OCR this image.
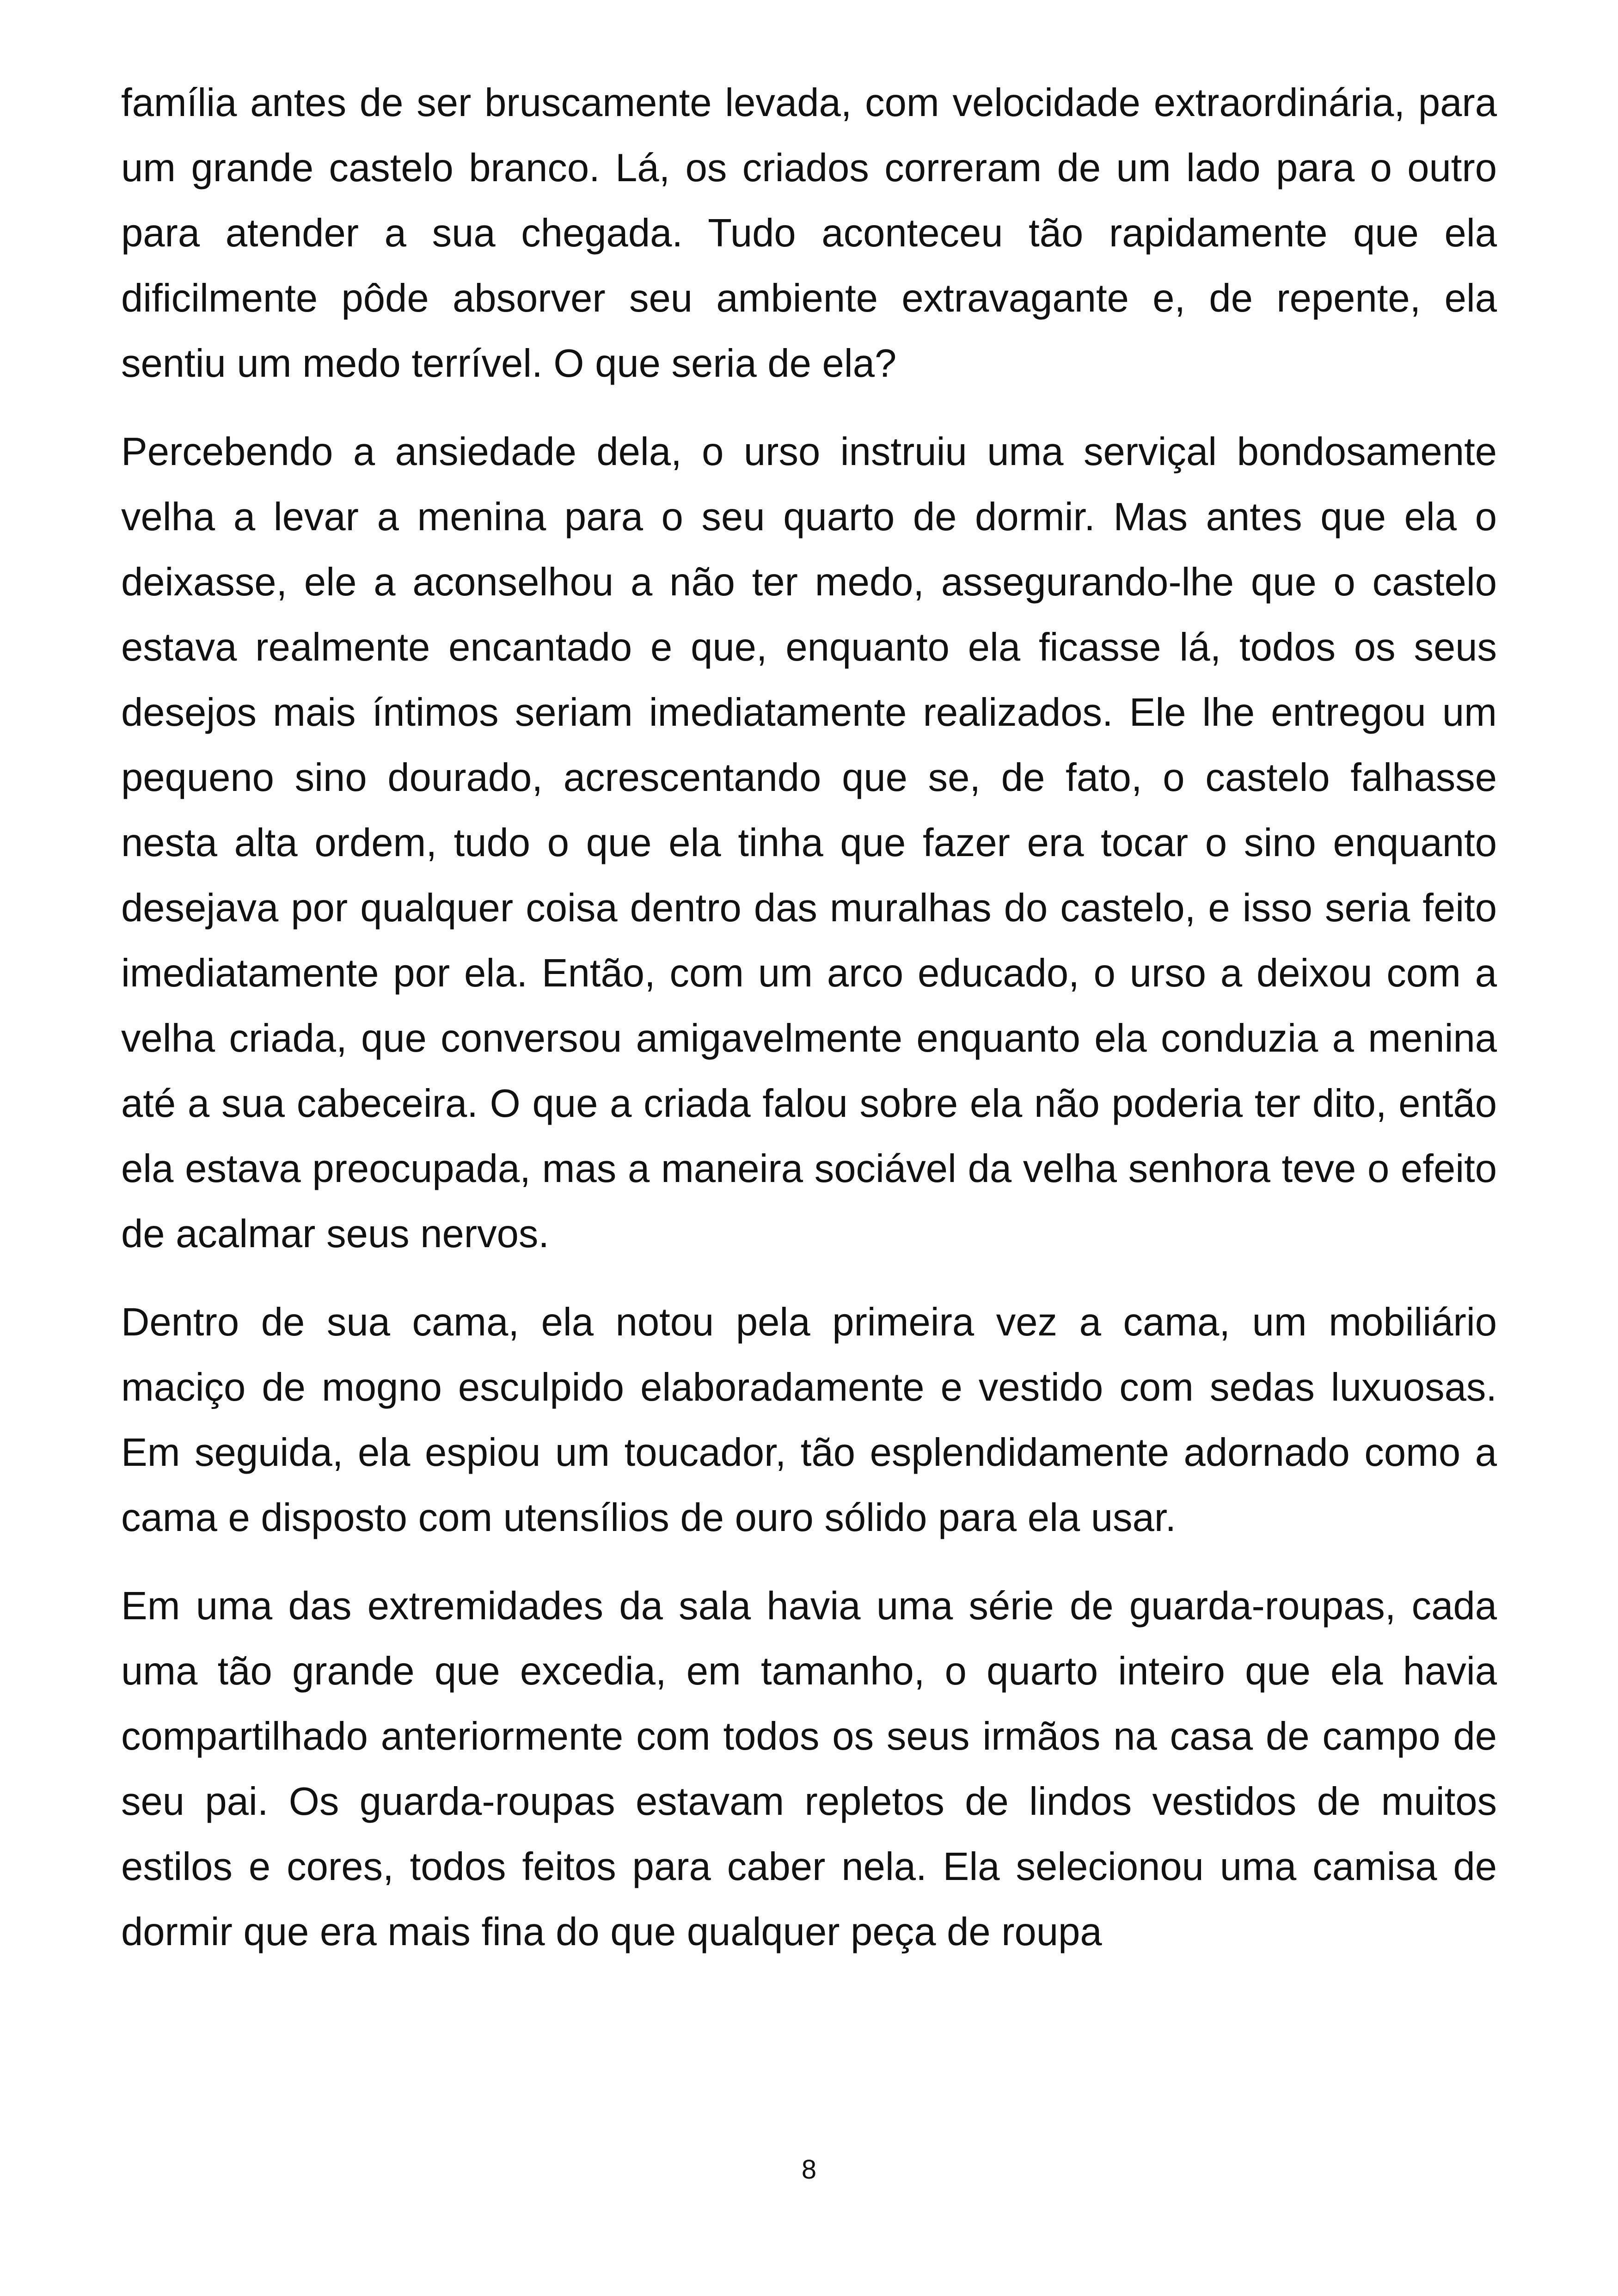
família antes de ser bruscamente levada, com velocidade extraordinária, para um grande castelo branco. Lá, os criados correram de um lado para o outro para atender a sua chegada. Tudo aconteceu tão rapidamente que ela dificilmente pôde absorver seu ambiente extravagante e, de repente, ela sentiu um medo terrível. O que seria de ela?

Percebendo a ansiedade dela, o urso instruiu uma serviçal bondosamente velha a levar a menina para o seu quarto de dormir. Mas antes que ela o deixasse, ele a aconselhou a não ter medo, assegurando-lhe que o castelo estava realmente encantado e que, enquanto ela ficasse lá, todos os seus desejos mais íntimos seriam imediatamente realizados. Ele lhe entregou um pequeno sino dourado, acrescentando que se, de fato, o castelo falhasse nesta alta ordem, tudo o que ela tinha que fazer era tocar o sino enquanto desejava por qualquer coisa dentro das muralhas do castelo, e isso seria feito imediatamente por ela. Então, com um arco educado, o urso a deixou com a velha criada, que conversou amigavelmente enquanto ela conduzia a menina até a sua cabeceira. O que a criada falou sobre ela não poderia ter dito, então ela estava preocupada, mas a maneira sociável da velha senhora teve o efeito de acalmar seus nervos.

Dentro de sua cama, ela notou pela primeira vez a cama, um mobiliário maciço de mogno esculpido elaboradamente e vestido com sedas luxuosas. Em seguida, ela espiou um toucador, tão esplendidamente adornado como a cama e disposto com utensílios de ouro sólido para ela usar.

Em uma das extremidades da sala havia uma série de guarda-roupas, cada uma tão grande que excedia, em tamanho, o quarto inteiro que ela havia compartilhado anteriormente com todos os seus irmãos na casa de campo de seu pai. Os guarda-roupas estavam repletos de lindos vestidos de muitos estilos e cores, todos feitos para caber nela. Ela selecionou uma camisa de dormir que era mais fina do que qualquer peça de roupa

8
